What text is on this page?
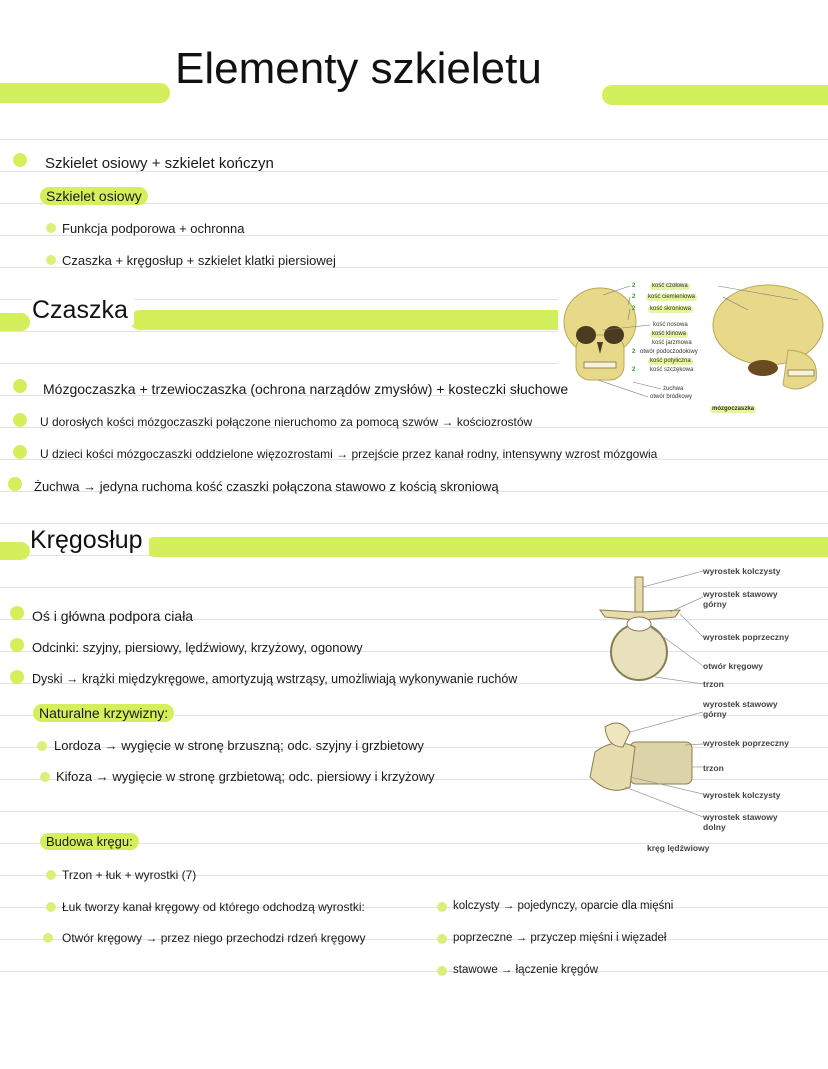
Elementy szkieletu
Szkielet osiowy + szkielet kończyn
Szkielet osiowy
Funkcja podporowa + ochronna
Czaszka + kręgosłup + szkielet klatki piersiowej
Czaszka
kość czołowa
kość ciemieniowa
kość skroniowa
kość nosowa
kość klinowa
kość jarzmowa
otwór podoczodołowy
kość potyliczna
kość szczękowa
żuchwa
otwór bródkowy
2
2
2
2
2
mózgoczaszka
Mózgoczaszka + trzewioczaszka (ochrona narządów zmysłów) + kosteczki słuchowe
U dorosłych kości mózgoczaszki połączone nieruchomo za pomocą szwów → kościozrostów
U dzieci kości mózgoczaszki oddzielone więzozrostami → przejście przez kanał rodny, intensywny wzrost mózgowia
Żuchwa → jedyna ruchoma kość czaszki połączona stawowo z kością skroniową
Kręgosłup
wyrostek kolczysty
wyrostek stawowy górny
wyrostek poprzeczny
otwór kręgowy
trzon
wyrostek stawowy górny
wyrostek poprzeczny
trzon
wyrostek kolczysty
wyrostek stawowy dolny
kręg lędźwiowy
Oś i główna podpora ciała
Odcinki: szyjny, piersiowy, lędźwiowy, krzyżowy, ogonowy
Dyski → krążki międzykręgowe, amortyzują wstrząsy, umożliwiają wykonywanie ruchów
Naturalne krzywizny:
Lordoza → wygięcie w stronę brzuszną; odc. szyjny i grzbietowy
Kifoza → wygięcie w stronę grzbietową; odc. piersiowy i krzyżowy
Budowa kręgu:
Trzon + łuk + wyrostki (7)
Łuk tworzy kanał kręgowy od którego odchodzą wyrostki:
Otwór kręgowy → przez niego przechodzi rdzeń kręgowy
kolczysty → pojedynczy, oparcie dla mięśni
poprzeczne → przyczep mięśni i więzadeł
stawowe → łączenie kręgów
